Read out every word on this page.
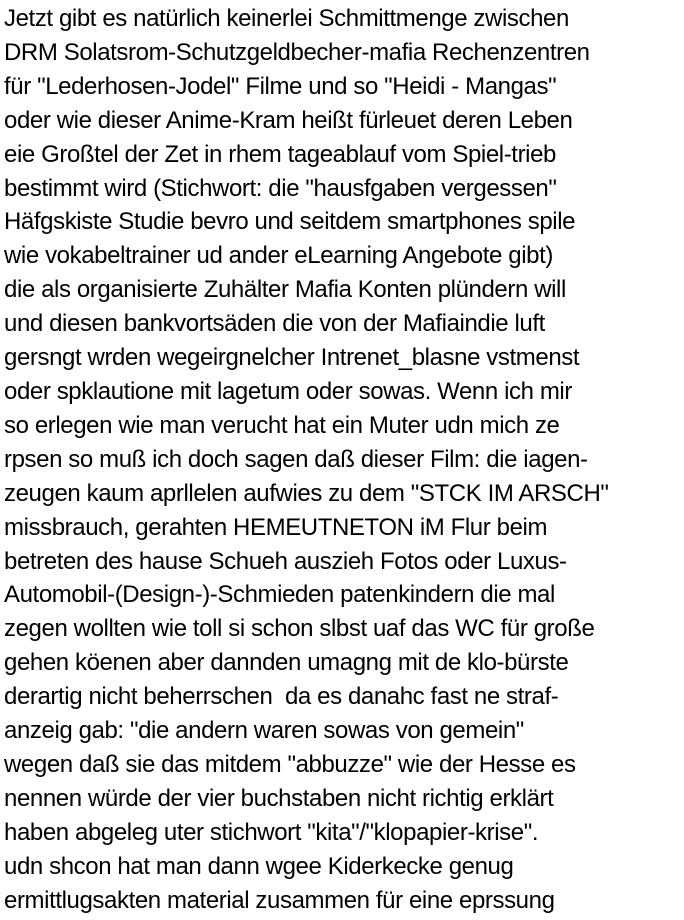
Jetzt gibt es natürlich keinerlei Schmittmenge zwischen
DRM Solatsrom-Schutzgeldbecher-mafia Rechenzentren
für "Lederhosen-Jodel" Filme und so "Heidi - Mangas"
oder wie dieser Anime-Kram heißt fürleuet deren Leben
eie Großtel der Zet in rhem tageablauf vom Spiel-trieb
bestimmt wird (Stichwort: die "hausfgaben vergessen"
Häfgskiste Studie bevro und seitdem smartphones spile
wie vokabeltrainer ud ander eLearning Angebote gibt)
die als organisierte Zuhälter Mafia Konten plündern will
und diesen bankvortsäden die von der Mafiaindie luft
gersngt wrden wegeirgnelcher Intrenet_blasne vstmenst
oder spklautione mit lagetum oder sowas. Wenn ich mir
so erlegen wie man verucht hat ein Muter udn mich ze
rpsen so muß ich doch sagen daß dieser Film: die iagen-
zeugen kaum aprllelen aufwies zu dem "STCK IM ARSCH"
missbrauch, gerahten HEMEUTNETON iM Flur beim
betreten des hause Schueh auszieh Fotos oder Luxus-
Automobil-(Design-)-Schmieden patenkindern die mal
zegen wollten wie toll si schon slbst uaf das WC für große
gehen köenen aber dannden umagng mit de klo-bürste
derartig nicht beherrschen  da es danahc fast ne straf-
anzeig gab: "die andern waren sowas von gemein"
wegen daß sie das mitdem "abbuzze" wie der Hesse es
nennen würde der vier buchstaben nicht richtig erklärt
haben abgeleg uter stichwort "kita"/"klopapier-krise".
udn shcon hat man dann wgee Kiderkecke genug
ermittlugsakten material zusammen für eine eprssung
